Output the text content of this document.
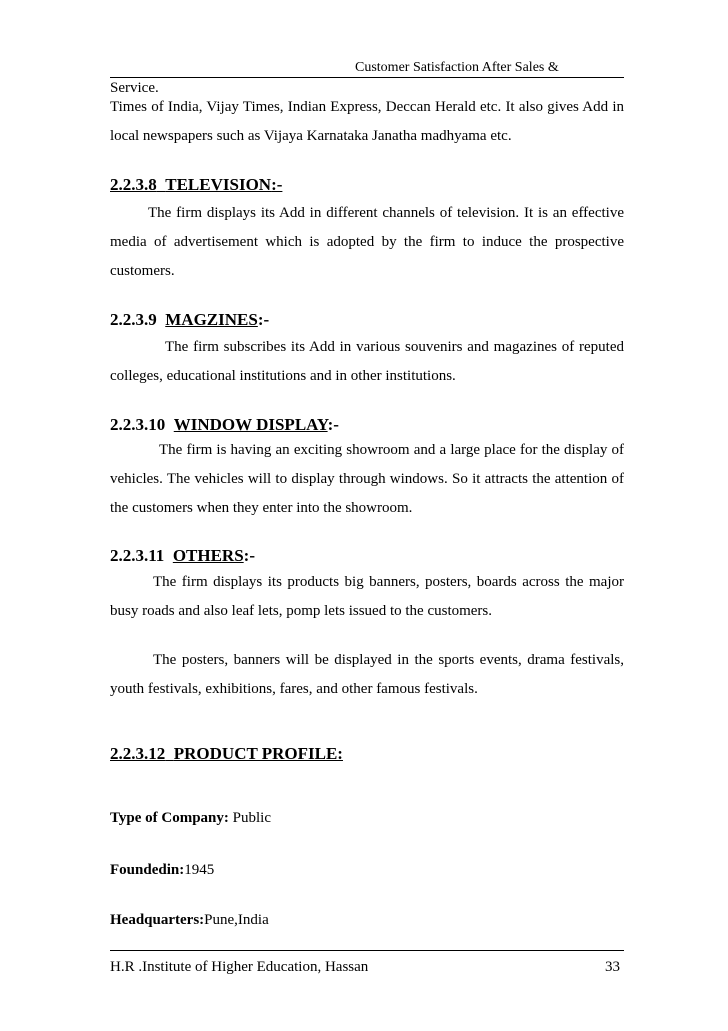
Customer Satisfaction After Sales &
Service.
Times of India, Vijay Times, Indian Express, Deccan Herald etc. It also gives Add in local newspapers such as Vijaya Karnataka Janatha madhyama etc.
2.2.3.8 TELEVISION:-
The firm displays its Add in different channels of television. It is an effective media of advertisement which is adopted by the firm to induce the prospective customers.
2.2.3.9 MAGZINES:-
The firm subscribes its Add in various souvenirs and magazines of reputed colleges, educational institutions and in other institutions.
2.2.3.10 WINDOW DISPLAY:-
The firm is having an exciting showroom and a large place for the display of vehicles. The vehicles will to display through windows. So it attracts the attention of the customers when they enter into the showroom.
2.2.3.11 OTHERS:-
The firm displays its products big banners, posters, boards across the major busy roads and also leaf lets, pomp lets issued to the customers.
The posters, banners will be displayed in the sports events, drama festivals, youth festivals, exhibitions, fares, and other famous festivals.
2.2.3.12 PRODUCT PROFILE:
Type of Company: Public
Foundedin:1945
Headquarters:Pune,India
H.R .Institute of Higher Education, Hassan	33
